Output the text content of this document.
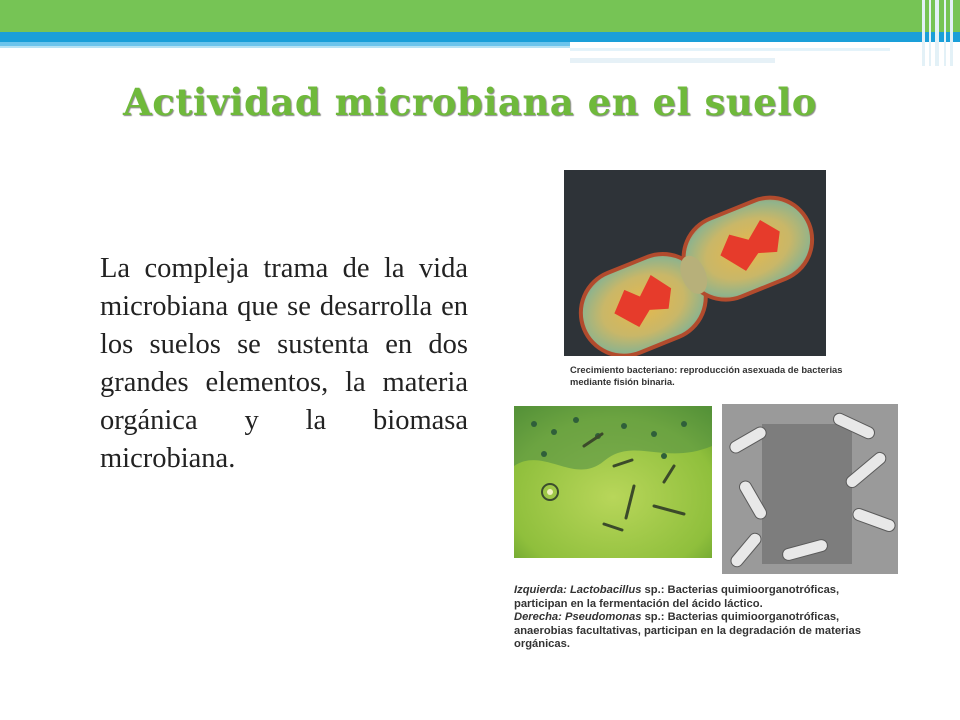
Actividad microbiana en el suelo

La compleja trama de la vida microbiana que se desarrolla en los suelos se sustenta en dos grandes elementos, la materia orgánica y la biomasa microbiana.

Crecimiento bacteriano: reproducción asexuada de bacterias
mediante fisión binaria.

Izquierda: Lactobacillus sp.: Bacterias quimioorganotróficas,
participan en la fermentación del ácido láctico.
Derecha: Pseudomonas sp.: Bacterias quimioorganotróficas,
anaerobias facultativas, participan en la degradación de materias
orgánicas.
